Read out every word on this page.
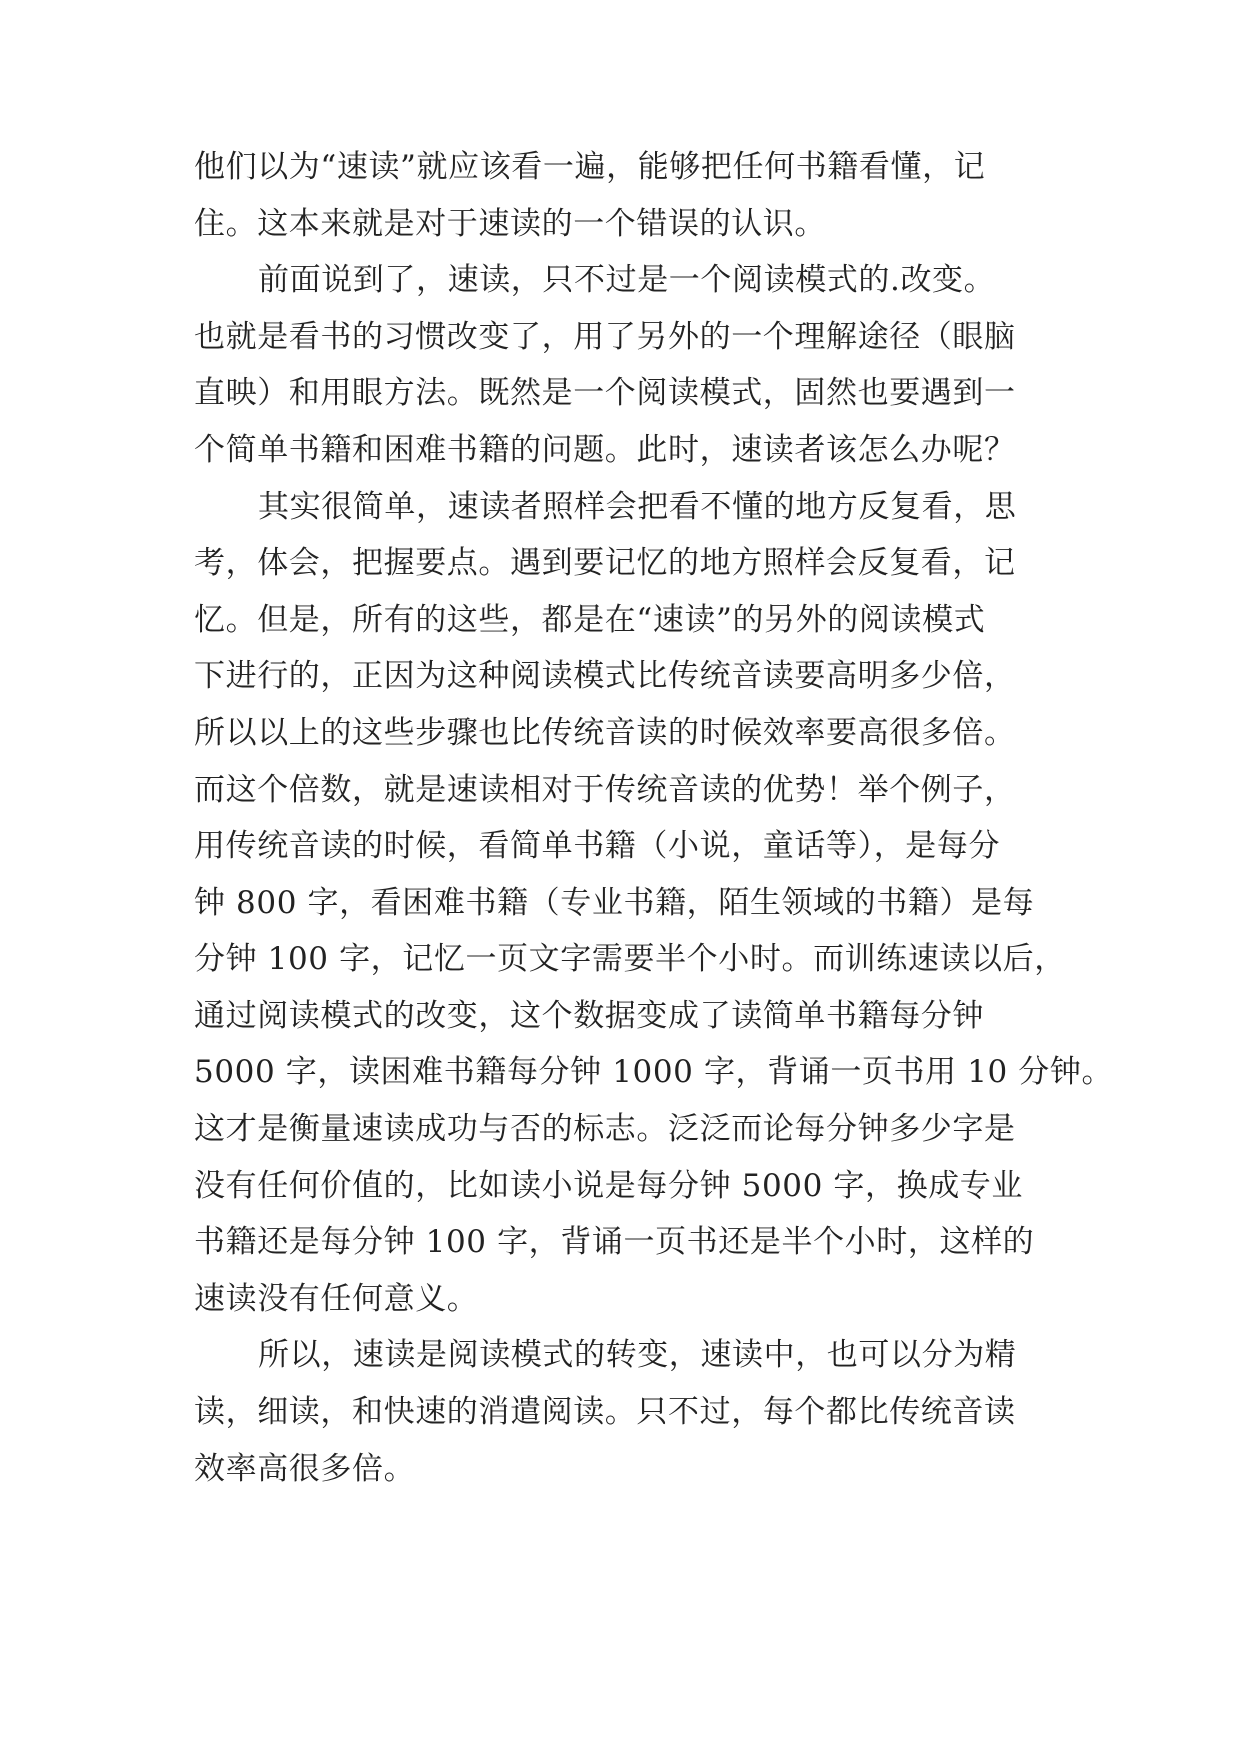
他们以为“速读”就应该看一遍，能够把任何书籍看懂，记
住。这本来就是对于速读的一个错误的认识。
前面说到了，速读，只不过是一个阅读模式的.改变。
也就是看书的习惯改变了，用了另外的一个理解途径（眼脑
直映）和用眼方法。既然是一个阅读模式，固然也要遇到一
个简单书籍和困难书籍的问题。此时，速读者该怎么办呢？
其实很简单，速读者照样会把看不懂的地方反复看，思
考，体会，把握要点。遇到要记忆的地方照样会反复看，记
忆。但是，所有的这些，都是在“速读”的另外的阅读模式
下进行的，正因为这种阅读模式比传统音读要高明多少倍，
所以以上的这些步骤也比传统音读的时候效率要高很多倍。
而这个倍数，就是速读相对于传统音读的优势！举个例子，
用传统音读的时候，看简单书籍（小说，童话等），是每分
钟 800 字，看困难书籍（专业书籍，陌生领域的书籍）是每
分钟 100 字，记忆一页文字需要半个小时。而训练速读以后，
通过阅读模式的改变，这个数据变成了读简单书籍每分钟
5000 字，读困难书籍每分钟 1000 字，背诵一页书用 10 分钟。
这才是衡量速读成功与否的标志。泛泛而论每分钟多少字是
没有任何价值的，比如读小说是每分钟 5000 字，换成专业
书籍还是每分钟 100 字，背诵一页书还是半个小时，这样的
速读没有任何意义。
所以，速读是阅读模式的转变，速读中，也可以分为精
读，细读，和快速的消遣阅读。只不过，每个都比传统音读
效率高很多倍。
